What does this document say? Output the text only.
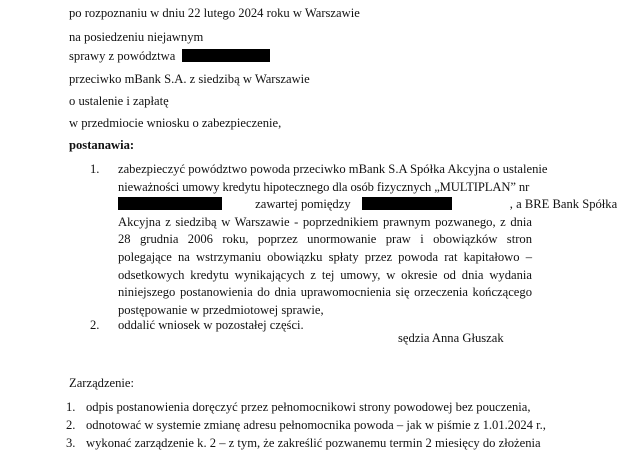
po rozpoznaniu w dniu 22 lutego 2024 roku w Warszawie
na posiedzeniu niejawnym
sprawy z powództwa
przeciwko mBank S.A. z siedzibą w Warszawie
o ustalenie i zapłatę
w przedmiocie wniosku o zabezpieczenie,
postanawia:
1. zabezpieczyć powództwo powoda przeciwko mBank S.A Spółka Akcyjna o ustalenie
nieważności umowy kredytu hipotecznego dla osób fizycznych „MULTIPLAN” nr
zawartej pomiędzy	, a BRE Bank Spółka
Akcyjna z siedzibą w Warszawie - poprzednikiem prawnym pozwanego, z dnia 28 grudnia 2006 roku, poprzez unormowanie praw i obowiązków stron polegające na wstrzymaniu obowiązku spłaty przez powoda rat kapitałowo – odsetkowych kredytu wynikających z tej umowy, w okresie od dnia wydania niniejszego postanowienia do dnia uprawomocnienia się orzeczenia kończącego postępowanie w przedmiotowej sprawie,
2. oddalić wniosek w pozostałej części.
sędzia Anna Głuszak
Zarządzenie:
1. odpis postanowienia doręczyć przez pełnomocnikowi strony powodowej bez pouczenia,
2. odnotować w systemie zmianę adresu pełnomocnika powoda – jak w piśmie z 1.01.2024 r.,
3. wykonać zarządzenie k. 2 – z tym, że zakreślić pozwanemu termin 2 miesięcy do złożenia
